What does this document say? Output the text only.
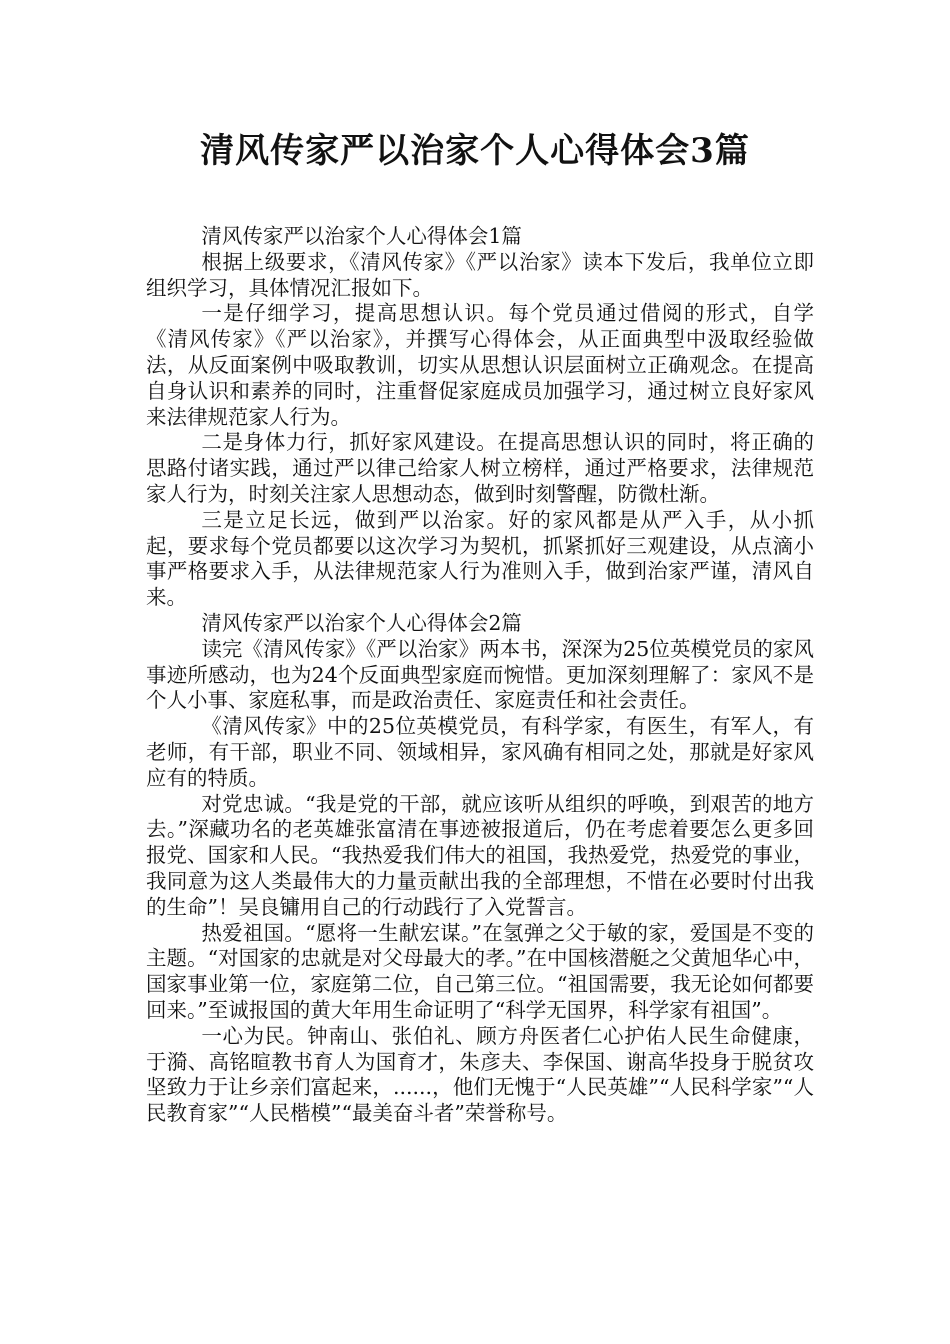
清风传家严以治家个人心得体会3篇

清风传家严以治家个人心得体会1篇

根据上级要求，《清风传家》《严以治家》读本下发后，我单位立即组织学习，具体情况汇报如下。

一是仔细学习，提高思想认识。每个党员通过借阅的形式，自学《清风传家》《严以治家》，并撰写心得体会，从正面典型中汲取经验做法，从反面案例中吸取教训，切实从思想认识层面树立正确观念。在提高自身认识和素养的同时，注重督促家庭成员加强学习，通过树立良好家风来法律规范家人行为。

二是身体力行，抓好家风建设。在提高思想认识的同时，将正确的思路付诸实践，通过严以律己给家人树立榜样，通过严格要求，法律规范家人行为，时刻关注家人思想动态，做到时刻警醒，防微杜渐。

三是立足长远，做到严以治家。好的家风都是从严入手，从小抓起，要求每个党员都要以这次学习为契机，抓紧抓好三观建设，从点滴小事严格要求入手，从法律规范家人行为准则入手，做到治家严谨，清风自来。

清风传家严以治家个人心得体会2篇

读完《清风传家》《严以治家》两本书，深深为25位英模党员的家风事迹所感动，也为24个反面典型家庭而惋惜。更加深刻理解了：家风不是个人小事、家庭私事，而是政治责任、家庭责任和社会责任。

《清风传家》中的25位英模党员，有科学家，有医生，有军人，有老师，有干部，职业不同、领域相异，家风确有相同之处，那就是好家风应有的特质。

对党忠诚。“我是党的干部，就应该听从组织的呼唤，到艰苦的地方去。”深藏功名的老英雄张富清在事迹被报道后，仍在考虑着要怎么更多回报党、国家和人民。“我热爱我们伟大的祖国，我热爱党，热爱党的事业，我同意为这人类最伟大的力量贡献出我的全部理想，不惜在必要时付出我的生命”！吴良镛用自己的行动践行了入党誓言。

热爱祖国。“愿将一生献宏谋。”在氢弹之父于敏的家，爱国是不变的主题。“对国家的忠就是对父母最大的孝。”在中国核潜艇之父黄旭华心中，国家事业第一位，家庭第二位，自己第三位。“祖国需要，我无论如何都要回来。”至诚报国的黄大年用生命证明了“科学无国界，科学家有祖国”。

一心为民。钟南山、张伯礼、顾方舟医者仁心护佑人民生命健康，于漪、高铭暄教书育人为国育才，朱彦夫、李保国、谢高华投身于脱贫攻坚致力于让乡亲们富起来，......，他们无愧于“人民英雄”“人民科学家”“人民教育家”“人民楷模”“最美奋斗者”荣誉称号。
